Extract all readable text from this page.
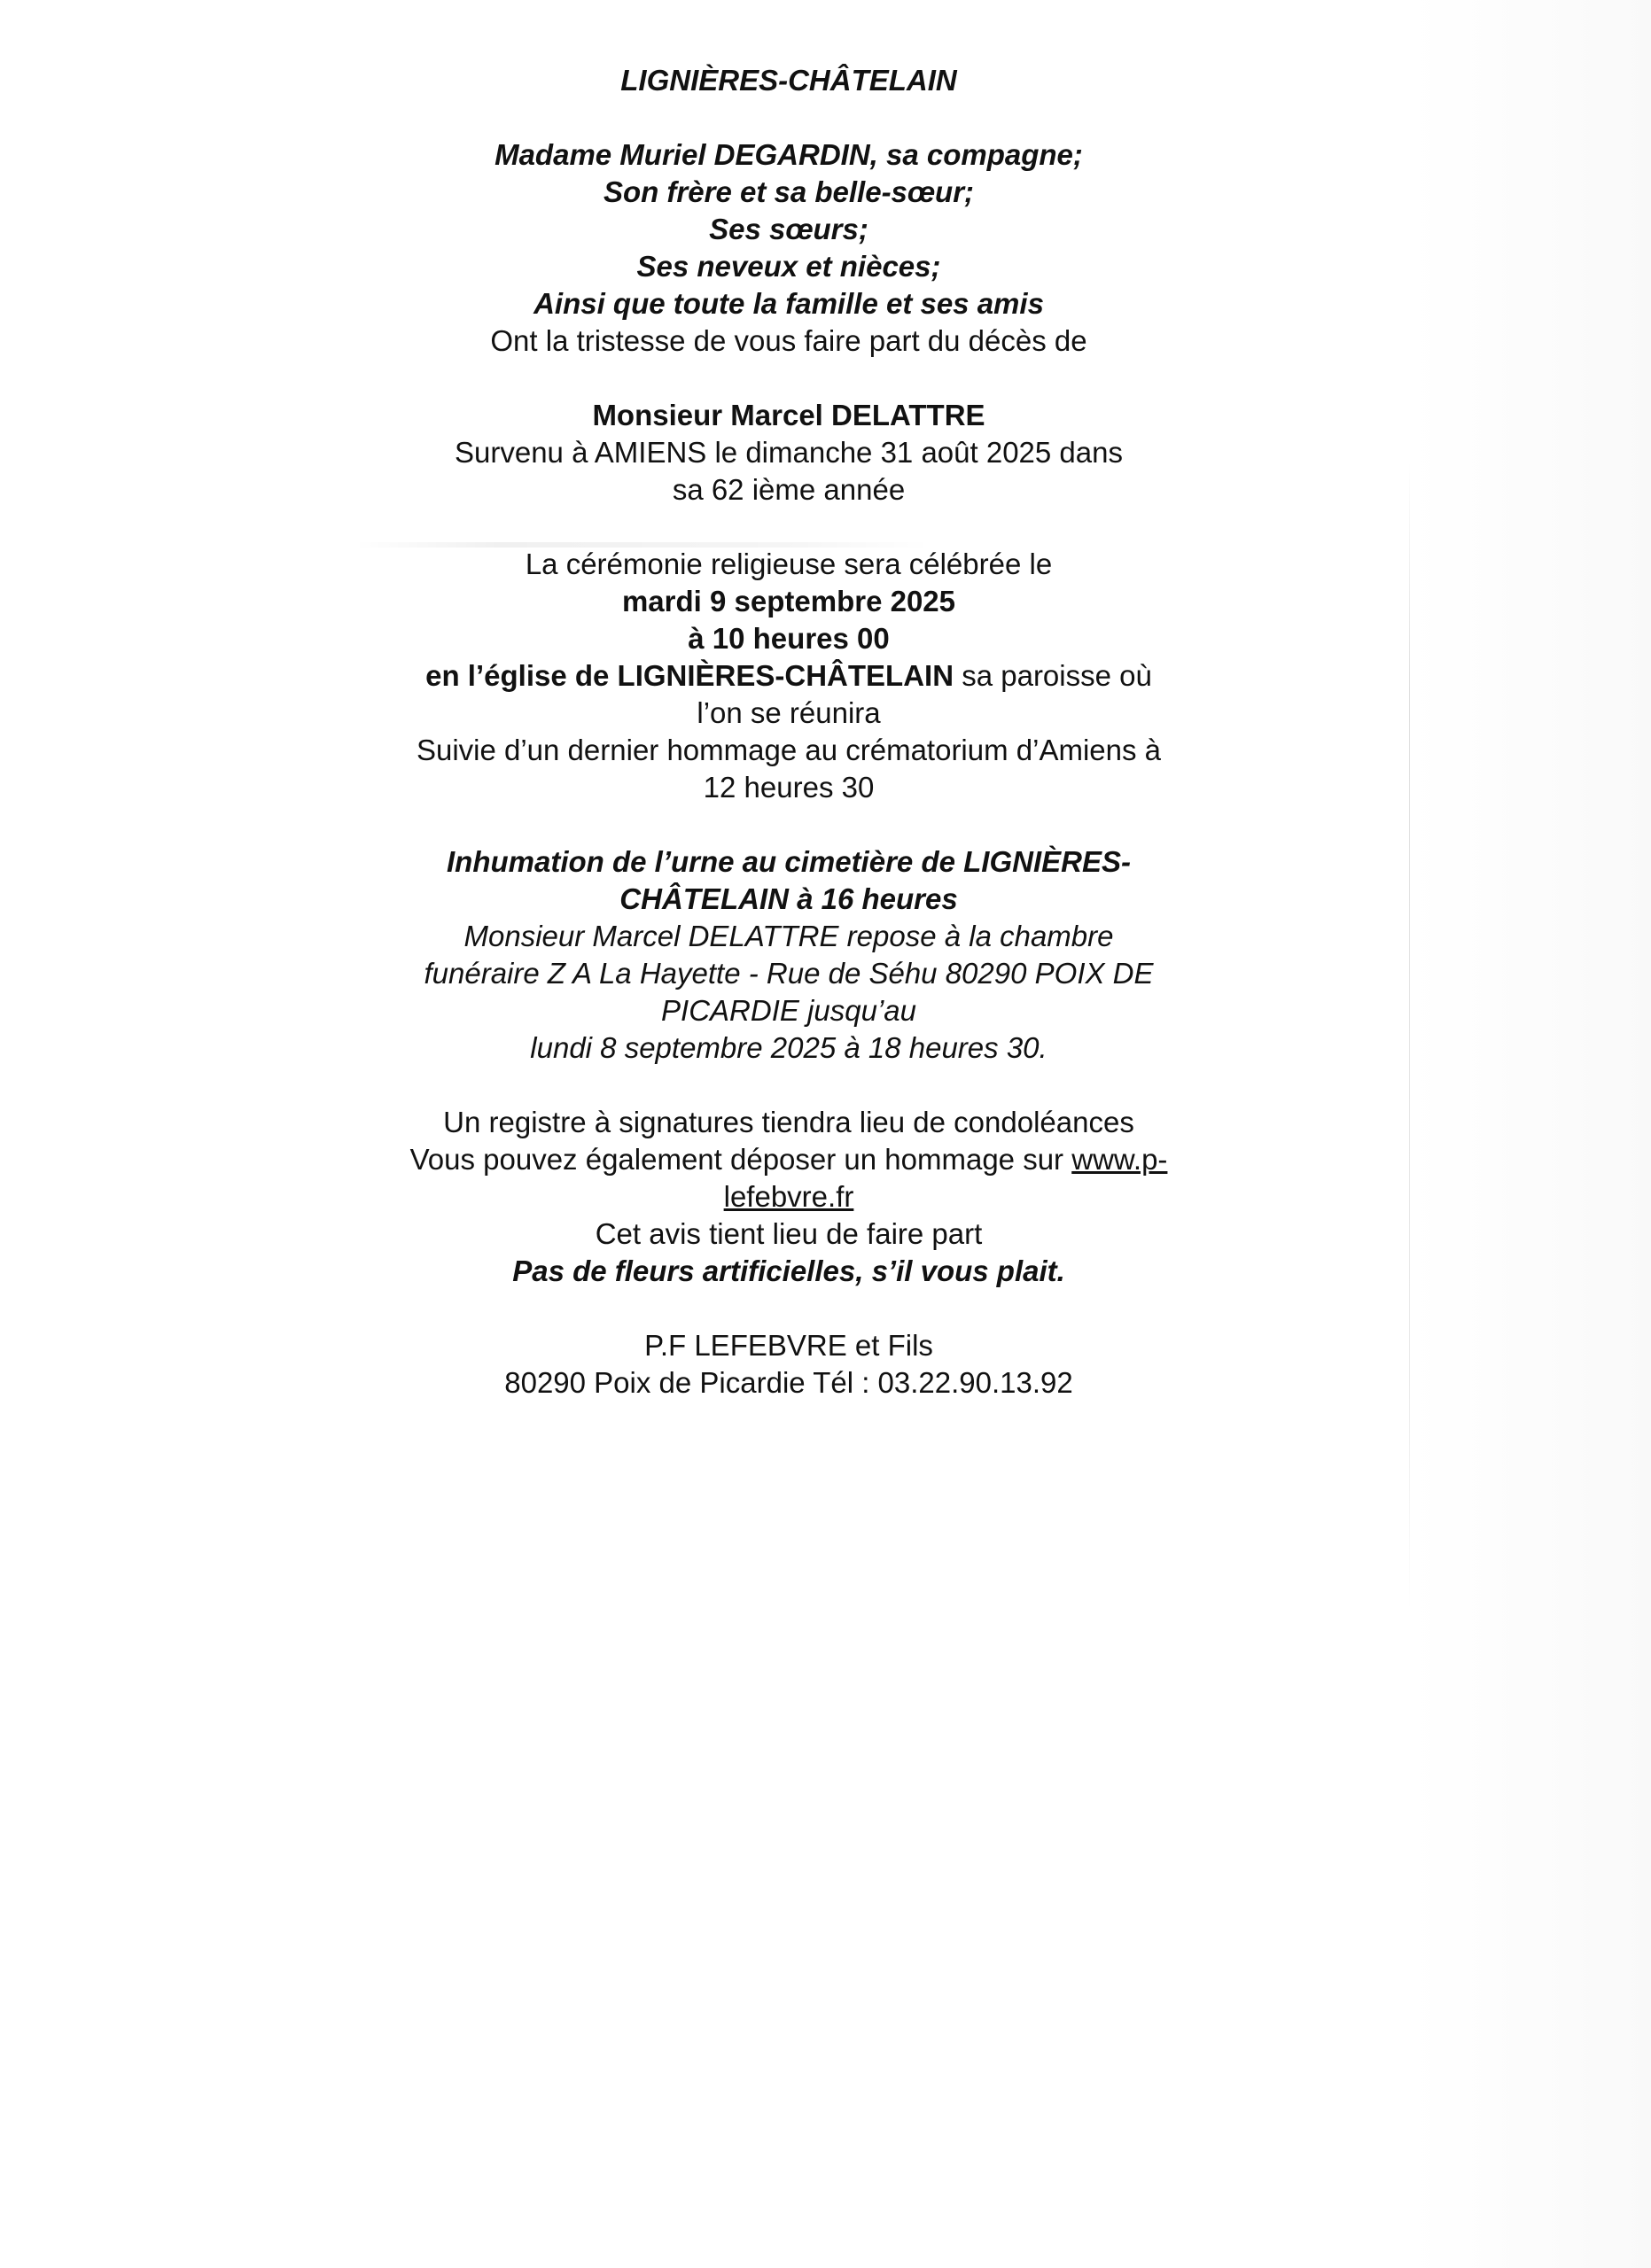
LIGNIÈRES-CHÂTELAIN
Madame Muriel DEGARDIN, sa compagne;
Son frère et sa belle-sœur;
Ses sœurs;
Ses neveux et nièces;
Ainsi que toute la famille et ses amis
Ont la tristesse de vous faire part du décès de
Monsieur Marcel DELATTRE
Survenu à AMIENS le dimanche 31 août 2025 dans
sa 62 ième année
La cérémonie religieuse sera célébrée le
mardi 9 septembre 2025
à 10 heures 00
en l’église de LIGNIÈRES-CHÂTELAIN sa paroisse où
l’on se réunira
Suivie d’un dernier hommage au crématorium d’Amiens à
12 heures 30
Inhumation de l’urne au cimetière de LIGNIÈRES-
CHÂTELAIN à 16 heures
Monsieur Marcel DELATTRE repose à la chambre
funéraire Z A La Hayette - Rue de Séhu 80290 POIX DE
PICARDIE jusqu’au
lundi 8 septembre 2025 à 18 heures 30.
Un registre à signatures tiendra lieu de condoléances
Vous pouvez également déposer un hommage sur www.p-
lefebvre.fr
Cet avis tient lieu de faire part
Pas de fleurs artificielles, s’il vous plait.
P.F LEFEBVRE et Fils
80290 Poix de Picardie Tél : 03.22.90.13.92
